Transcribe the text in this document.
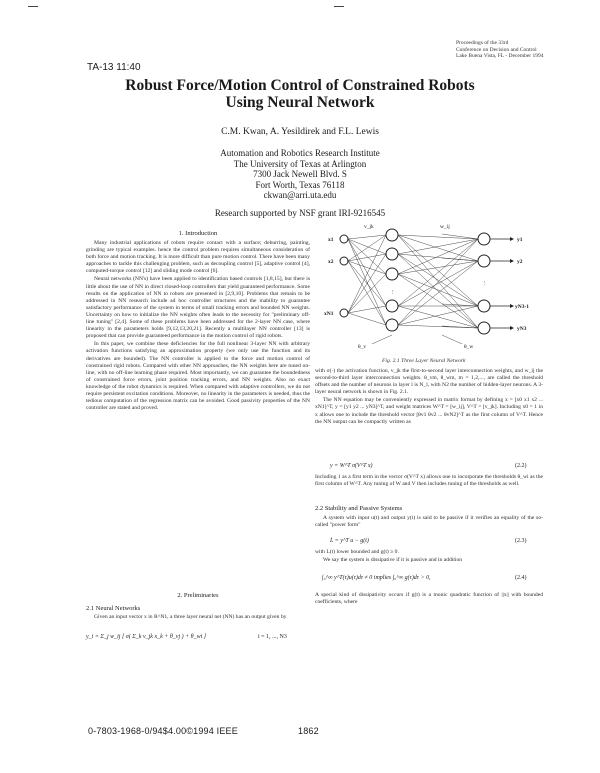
TA-13 11:40
Proceedings of the 33rd
Conference on Decision and Control
Lake Buena Vista, FL - December 1994
Robust Force/Motion Control of Constrained Robots
Using Neural Network
C.M. Kwan, A. Yesildirek and F.L. Lewis
Automation and Robotics Research Institute
The University of Texas at Arlington
7300 Jack Newell Blvd. S
Fort Worth, Texas 76118
ckwan@arri.uta.edu
Research supported by NSF grant IRI-9216545
1. Introduction

Many industrial applications of robots require contact with a surface; deburring, painting, grinding are typical examples. hence the control problem requires simultaneous consideration of both force and motion tracking. It is more difficult than pure motion control. There have been many approaches to tackle this challenging problem, such as decoupling control [5], adaptive control [4], computed-torque control [12] and sliding mode control [6].

Neural networks (NN's) have been applied to identification based controls [1,8,15], but there is little about the use of NN in direct closed-loop controllers that yield guaranteed performance. Some results on the application of NN to robots are presented in [2,9,10]. Problems that remain to be addressed in NN research include ad hoc controller structures and the inability to guarantee satisfactory performance of the system in terms of small tracking errors and bounded NN weights. Uncertainty on how to initialize the NN weights often leads to the necessity for "preliminary off-line tuning" [2,4]. Some of these problems have been addressed for the 2-layer NN case, where linearity in the parameters holds [9,12,13,20,21]. Recently a multilayer NN controller [13] is proposed that can provide guaranteed performance in the motion control of rigid robots.

In this paper, we combine these deficiencies for the full nonlinear 3-layer NN with arbitrary activation functions satisfying an approximation property (we only use the function and its derivatives are bounded). The NN controller is applied to the force and motion control of constrained rigid robots. Compared with other NN approaches, the NN weights here are tuned on-line, with no off-line learning phase required. Most importantly, we can guarantee the boundedness of constrained force errors, joint position tracking errors, and NN weights. Also no exact knowledge of the robot dynamics is required. When compared with adaptive controllers, we do not require persistent excitation conditions. Moreover, no linearity in the parameters is needed, thus the tedious computation of the regression matrix can be avoided. Good passivity properties of the NN controller are stated and proved.

2. Preliminaries
2.1 Neural Networks

Given an input vector x in R^N1, a three layer neural net (NN) has an output given by

y_i = Σ_j w_ij [ σ( Σ_k v_jk x_k + θ_vj ) + θ_wi ]	i = 1, ..., N3
⋮
⋮
x1
x2
xN1
y1
y2
yN3-1
yN3
v_jk	w_ij
θ_v	θ_w
Fig. 2.1 Three Layer Neural Network

with σ(·) the activation function, v_jk the first-to-second layer interconnection weights, and w_ij the second-to-third layer interconnection weights. θ_vm, θ_wm, m = 1,2,..., are called the threshold offsets and the number of neurons in layer l is N_l, with N2 the number of hidden-layer neurons. A 3-layer neural network is shown in Fig. 2.1.

The NN equation may be conveniently expressed in matrix format by defining x = [x0 x1 x2 ... xN1]^T, y = [y1 y2 ... yN3]^T, and weight matrices W^T = [w_ij], V^T = [v_jk]. Including x0 = 1 in x allows one to include the threshold vector [θv1 θv2 ... θvN2]^T as the first column of V^T. Hence the NN output can be compactly written as

y = W^T σ(V^T x)	(2.2)

Including 1 as a first term in the vector σ(V^T x) allows one to incorporate the thresholds θ_wi as the first column of W^T. Any tuning of W and V then includes tuning of the thresholds as well.

2.2 Stability and Passive Systems

A system with input u(t) and output y(t) is said to be passive if it verifies an equality of the so-called "power form"

L̇ = y^T u − g(t)	(2.3)

with L(t) lower bounded and g(t) ≥ 0.

We say the system is dissipative if it is passive and in addition

∫₀^∞ y^T(τ)u(τ)dτ ≠ 0 implies ∫₀^∞ g(τ)dτ > 0,	(2.4)

A special kind of dissipativity occurs if g(t) is a monic quadratic function of ||x|| with bounded coefficients, where

0-7803-1968-0/94$4.00©1994 IEEE	1862
